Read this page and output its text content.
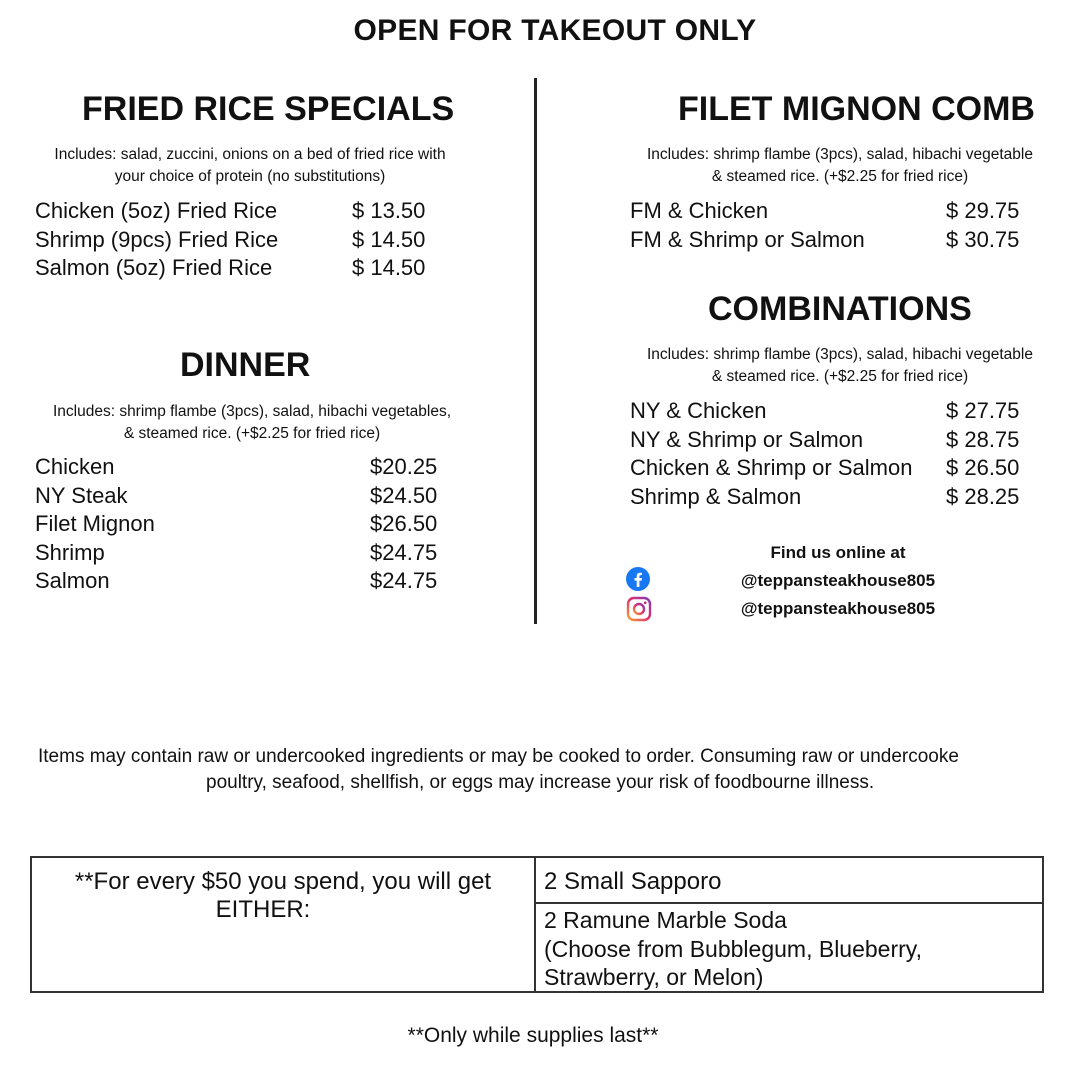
OPEN FOR TAKEOUT ONLY
FRIED RICE SPECIALS
Includes: salad, zuccini, onions on a bed of fried rice with
your choice of protein (no substitutions)
Chicken (5oz) Fried Rice	$ 13.50
Shrimp (9pcs) Fried Rice	$ 14.50
Salmon (5oz) Fried Rice	$ 14.50
DINNER
Includes: shrimp flambe (3pcs), salad, hibachi vegetables,
& steamed rice. (+$2.25 for fried rice)
Chicken	$20.25
NY Steak	$24.50
Filet Mignon	$26.50
Shrimp	$24.75
Salmon	$24.75
FILET MIGNON COMB
Includes: shrimp flambe (3pcs), salad, hibachi vegetable
& steamed rice. (+$2.25 for fried rice)
FM & Chicken	$ 29.75
FM & Shrimp or Salmon	$ 30.75
COMBINATIONS
Includes: shrimp flambe (3pcs), salad, hibachi vegetable
& steamed rice. (+$2.25 for fried rice)
NY & Chicken	$ 27.75
NY & Shrimp or Salmon	$ 28.75
Chicken & Shrimp or Salmon $ 26.50
Shrimp & Salmon	$ 28.25
Find us online at
@teppansteakhouse805
@teppansteakhouse805
Items may contain raw or undercooked ingredients or may be cooked to order. Consuming raw or undercooke
poultry, seafood, shellfish, or eggs may increase your risk of foodbourne illness.
**For every $50 you spend, you will get
EITHER:
2 Small Sapporo
2 Ramune Marble Soda
(Choose from Bubblegum, Blueberry,
Strawberry, or Melon)
**Only while supplies last**
